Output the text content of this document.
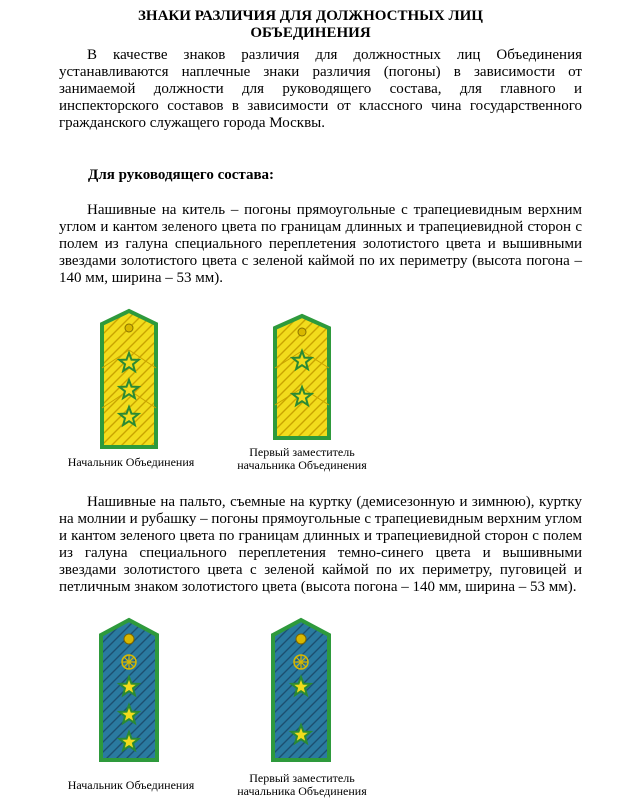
ЗНАКИ РАЗЛИЧИЯ ДЛЯ ДОЛЖНОСТНЫХ ЛИЦ
ОБЪЕДИНЕНИЯ
В качестве знаков различия для должностных лиц Объединения устанавливаются наплечные знаки различия (погоны) в зависимости от занимаемой должности для руководящего состава, для главного и инспекторского составов в зависимости от классного чина государственного гражданского служащего города Москвы.
Для руководящего состава:
Нашивные на китель – погоны прямоугольные с трапециевидным верхним углом и кантом зеленого цвета по границам длинных и трапециевидной сторон с полем из галуна специального переплетения золотистого цвета и вышивными звездами золотистого цвета с зеленой каймой по их периметру (высота погона – 140 мм, ширина – 53 мм).
Начальник Объединения
Первый заместитель
начальника Объединения
Нашивные на пальто, съемные на куртку (демисезонную и зимнюю), куртку на молнии и рубашку – погоны прямоугольные с трапециевидным верхним углом и кантом зеленого цвета по границам длинных и трапециевидной сторон с полем из галуна специального переплетения темно-синего цвета и вышивными звездами золотистого цвета с зеленой каймой по их периметру, пуговицей и петличным знаком золотистого цвета (высота погона – 140 мм, ширина – 53 мм).
Начальник Объединения	Первый заместитель
начальника Объединения
